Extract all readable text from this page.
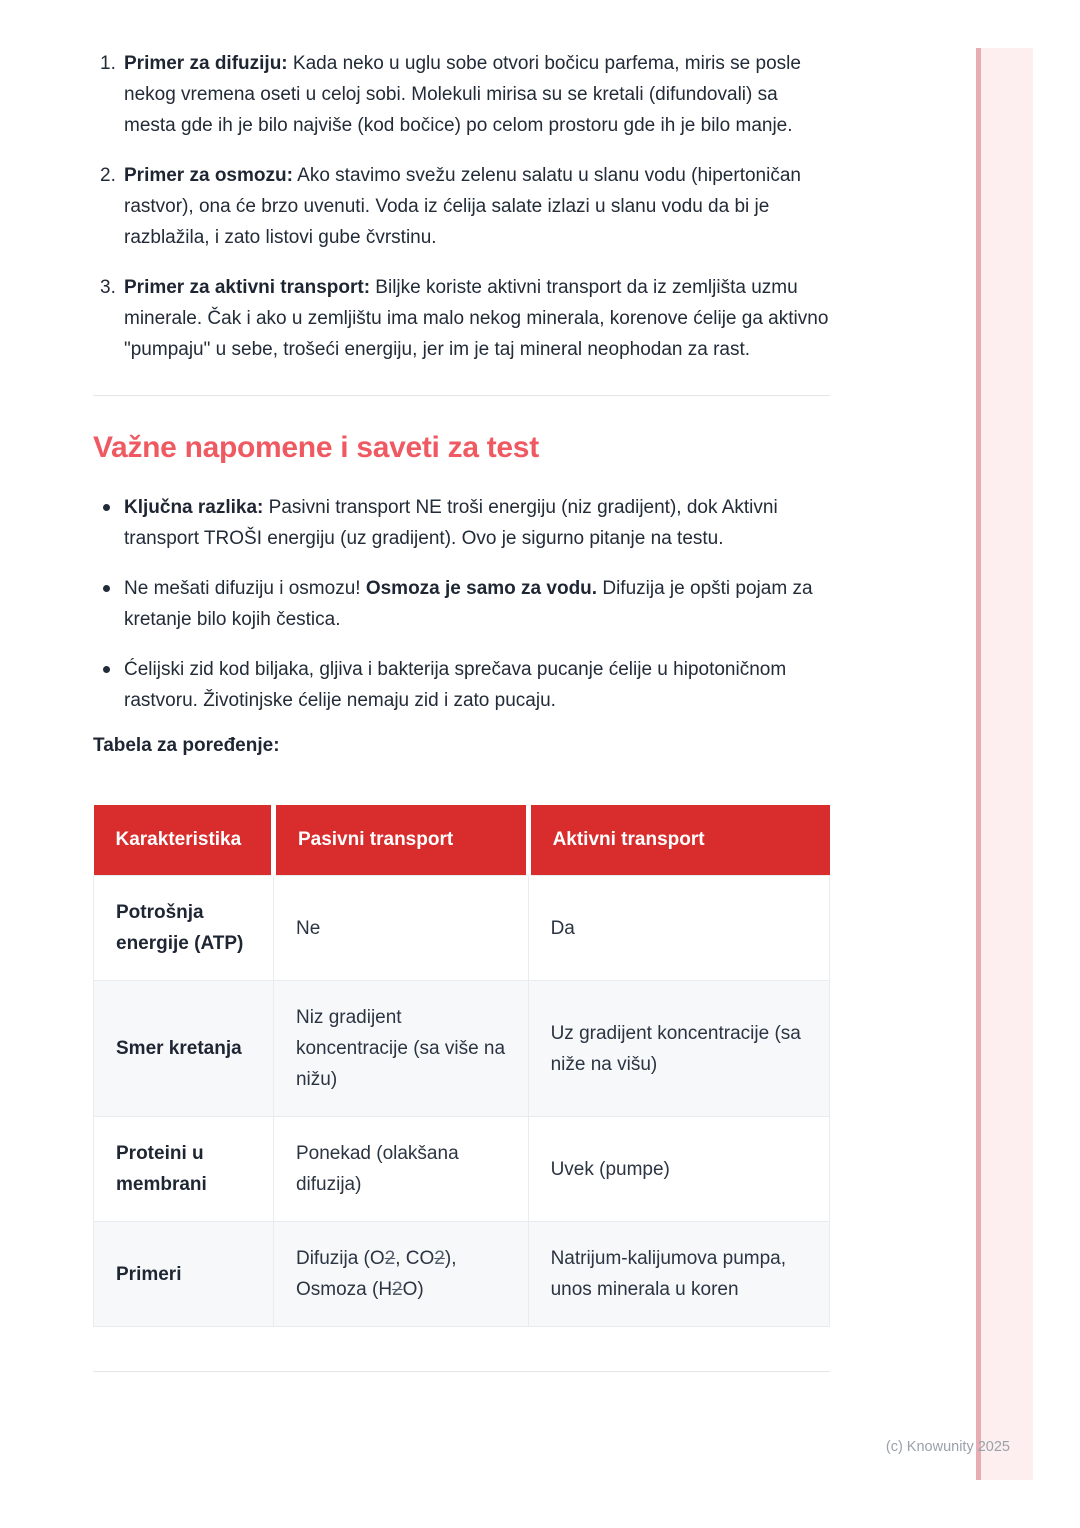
1. Primer za difuziju: Kada neko u uglu sobe otvori bočicu parfema, miris se posle nekog vremena oseti u celoj sobi. Molekuli mirisa su se kretali (difundovali) sa mesta gde ih je bilo najviše (kod bočice) po celom prostoru gde ih je bilo manje.

2. Primer za osmozu: Ako stavimo svežu zelenu salatu u slanu vodu (hipertoničan rastvor), ona će brzo uvenuti. Voda iz ćelija salate izlazi u slanu vodu da bi je razblažila, i zato listovi gube čvrstinu.

3. Primer za aktivni transport: Biljke koriste aktivni transport da iz zemljišta uzmu minerale. Čak i ako u zemljištu ima malo nekog minerala, korenove ćelije ga aktivno "pumpaju" u sebe, trošeći energiju, jer im je taj mineral neophodan za rast.

Važne napomene i saveti za test

Ključna razlika: Pasivni transport NE troši energiju (niz gradijent), dok Aktivni transport TROŠI energiju (uz gradijent). Ovo je sigurno pitanje na testu.

Ne mešati difuziju i osmozu! Osmoza je samo za vodu. Difuzija je opšti pojam za kretanje bilo kojih čestica.

Ćelijski zid kod biljaka, gljiva i bakterija sprečava pucanje ćelije u hipotoničnom rastvoru. Životinjske ćelije nemaju zid i zato pucaju.

Tabela za poređenje:

Karakteristika	Pasivni transport	Aktivni transport
Potrošnja energije (ATP)	Ne	Da
Smer kretanja	Niz gradijent koncentracije (sa više na nižu)	Uz gradijent koncentracije (sa niže na višu)
Proteini u membrani	Ponekad (olakšana difuzija)	Uvek (pumpe)
Primeri	Difuzija (O2, CO2), Osmoza (H2O)	Natrijum-kalijumova pumpa, unos minerala u koren
(c) Knowunity 2025
